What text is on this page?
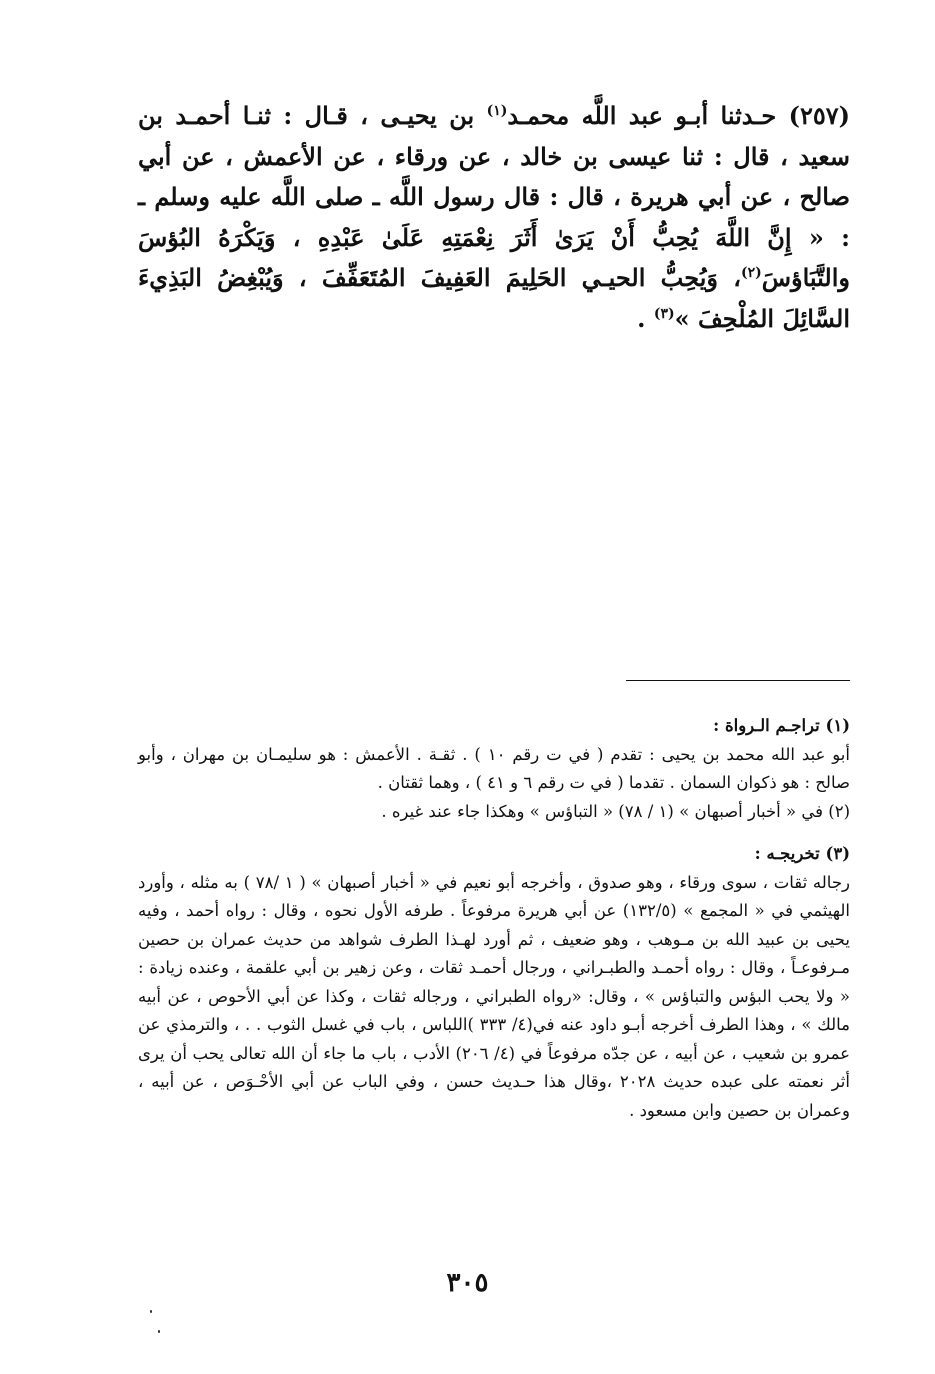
(٢٥٧) حـدثنا أبـو عبد اللَّه محمـد$^{(١)}$ بن يحيـى ، قـال : ثنـا أحمـد بن سعيد ، قال : ثنا عيسى بن خالد ، عن ورقاء ، عن الأعمش ، عن أبي صالح ، عن أبي هريرة ، قال : قال رسول اللَّه ـ صلى اللَّه عليه وسلم ـ : « إِنَّ اللَّهَ يُحِبُّ أَنْ يَرَىٰ أَثَرَ نِعْمَتِهِ عَلَىٰ عَبْدِهِ ، وَيَكْرَهُ البُؤسَ والتَّبَاؤسَ$^{(٢)}$، وَيُحِبُّ الحيـي الحَلِيمَ العَفِيفَ المُتَعَفِّفَ ، وَيُبْغِضُ البَذِيءَ السَّائِلَ المُلْحِفَ »$^{(٣)}$ .

(١) تراجـم الـرواة :

أبو عبد الله محمد بن يحيى : تقدم ( في ت رقم ١٠ ) . ثقـة . الأعمش : هو سليمـان بن مهران ، وأبو صالح : هو ذكوان السمان . تقدما ( في ت رقم ٦ و ٤١ ) ، وهما ثقتان .

(٢) في « أخبار أصبهان » (١ / ٧٨) « التباؤس » وهكذا جاء عند غيره .

(٣) تخريجـه :

رجاله ثقات ، سوى ورقاء ، وهو صدوق ، وأخرجه أبو نعيم في « أخبار أصبهان » ( ١ /٧٨ ) به مثله ، وأورد الهيثمي في « المجمع » (١٣٢/٥) عن أبي هريرة مرفوعاً . طرفه الأول نحوه ، وقال : رواه أحمد ، وفيه يحيى بن عبيد الله بن مـوهب ، وهو ضعيف ، ثم أورد لهـذا الطرف شواهد من حديث عمران بن حصين مـرفوعـاً ، وقال : رواه أحمـد والطبـراني ، ورجال أحمـد ثقات ، وعن زهير بن أبي علقمة ، وعنده زيادة : « ولا يحب البؤس والتباؤس » ، وقال: «رواه الطبراني ، ورجاله ثقات ، وكذا عن أبي الأحوص ، عن أبيه مالك » ، وهذا الطرف أخرجه أبـو داود عنه في(٤/ ٣٣٣ )اللباس ، باب في غسل الثوب . . ، والترمذي عن عمرو بن شعيب ، عن أبيه ، عن جدّه مرفوعاً في (٤/ ٢٠٦) الأدب ، باب ما جاء أن الله تعالى يحب أن يرى أثر نعمته على عبده حديث ٢٠٢٨ ،وقال هذا حـديث حسن ، وفي الباب عن أبي الأحْـوَص ، عن أبيه ، وعمران بن حصين وابن مسعود .

٣٠٥
